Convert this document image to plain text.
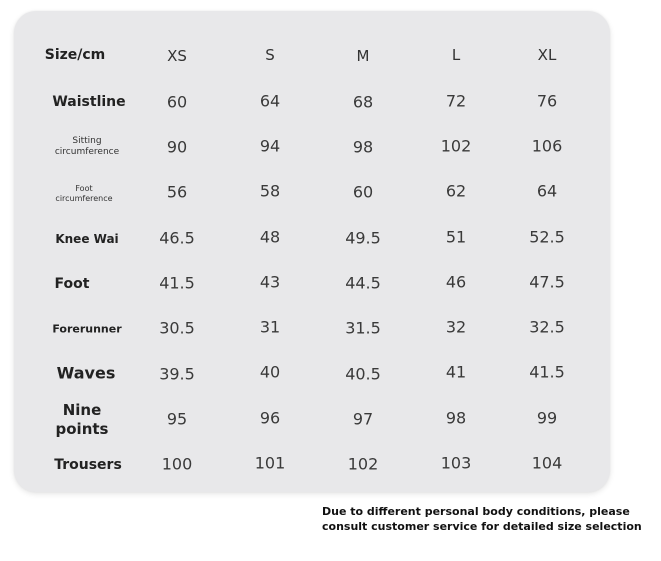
Size/cm	XS	S	M	L	XL
Waistline	60	64	68	72	76
Sitting
circumference	90	94	98	102	106
Foot
circumference	56	58	60	62	64
Knee Wai	46.5	48	49.5	51	52.5
Foot	41.5	43	44.5	46	47.5
Forerunner 30.5	31	31.5	32	32.5
Waves	39.5	40	40.5	41	41.5
Nine
points
95	96	97	98	99
Trousers 100	101	102	103	104
Due to different personal body conditions, please
consult customer service for detailed size selection
